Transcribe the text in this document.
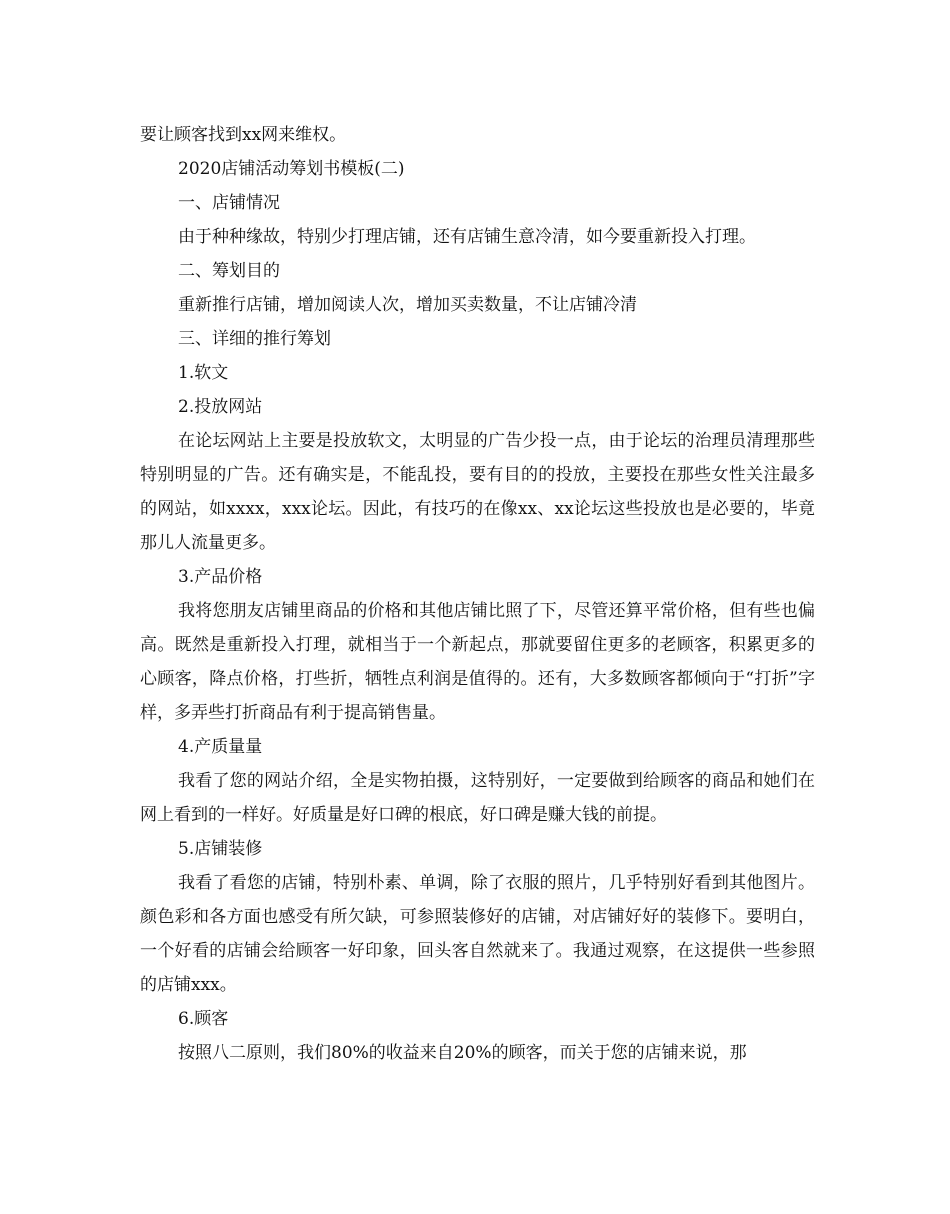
要让顾客找到xx网来维权。

2020店铺活动筹划书模板(二)

一、店铺情况

由于种种缘故，特别少打理店铺，还有店铺生意冷清，如今要重新投入打理。

二、筹划目的

重新推行店铺，增加阅读人次，增加买卖数量，不让店铺冷清

三、详细的推行筹划

1.软文

2.投放网站

在论坛网站上主要是投放软文，太明显的广告少投一点，由于论坛的治理员清理那些特别明显的广告。还有确实是，不能乱投，要有目的的投放，主要投在那些女性关注最多的网站，如xxxx，xxx论坛。因此，有技巧的在像xx、xx论坛这些投放也是必要的，毕竟那儿人流量更多。

3.产品价格

我将您朋友店铺里商品的价格和其他店铺比照了下，尽管还算平常价格，但有些也偏高。既然是重新投入打理，就相当于一个新起点，那就要留住更多的老顾客，积累更多的心顾客，降点价格，打些折，牺牲点利润是值得的。还有，大多数顾客都倾向于“打折”字样，多弄些打折商品有利于提高销售量。

4.产质量量

我看了您的网站介绍，全是实物拍摄，这特别好，一定要做到给顾客的商品和她们在网上看到的一样好。好质量是好口碑的根底，好口碑是赚大钱的前提。

5.店铺装修

我看了看您的店铺，特别朴素、单调，除了衣服的照片，几乎特别好看到其他图片。颜色彩和各方面也感受有所欠缺，可参照装修好的店铺，对店铺好好的装修下。要明白，一个好看的店铺会给顾客一好印象，回头客自然就来了。我通过观察，在这提供一些参照的店铺xxx。

6.顾客

按照八二原则，我们80%的收益来自20%的顾客，而关于您的店铺来说，那
